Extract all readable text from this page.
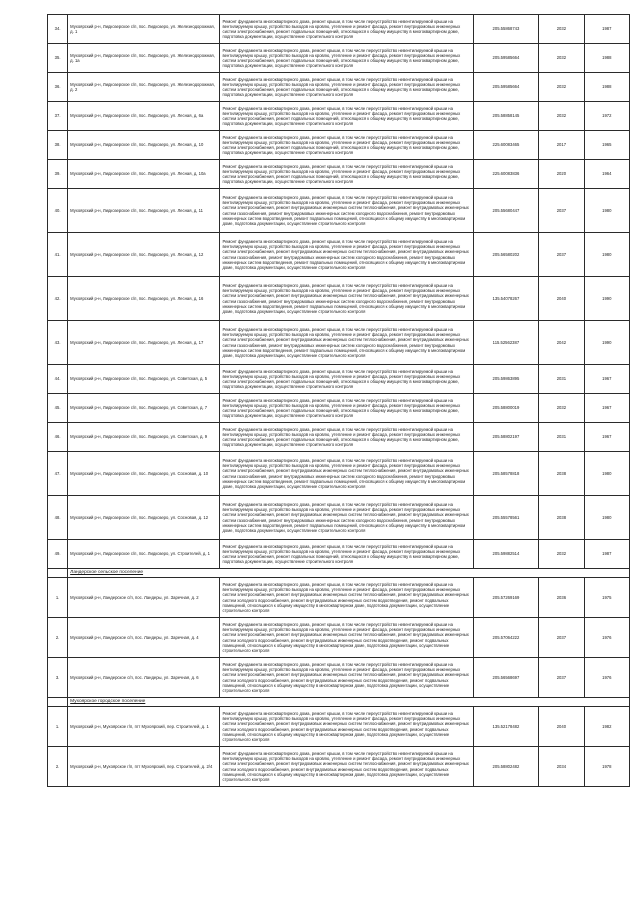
34.	Мухоярский р-н, Лидкозерское с/п, пос. Лидкозеро, ул. Железнодорожная, д. 1	Ремонт фундамента многоквартирного дома, ремонт крыши, в том числе переустройство невентилируемой крыши на вентилируемую крышу, устройство выходов на кровлю, утепление и ремонт фасада, ремонт внутридомовых инженерных систем электроснабжения, ремонт подвальных помещений, относящихся к общему имуществу в многоквартирном доме, подготовка документации, осуществление строительного контроля	205.55868743	2032	1987
35.	Мухоярский р-н, Лидкозерское с/п, пос. Лидкозеро, ул. Железнодорожная, д. 1а	Ремонт фундамента многоквартирного дома, ремонт крыши, в том числе переустройство невентилируемой крыши на вентилируемую крышу, устройство выходов на кровлю, утепление и ремонт фасада, ремонт внутридомовых инженерных систем электроснабжения, ремонт подвальных помещений, относящихся к общему имуществу в многоквартирном доме, подготовка документации, осуществление строительного контроля	205.59585664	2032	1988
36.	Мухоярский р-н, Лидкозерское с/п, пос. Лидкозеро, ул. Железнодорожная, д. 2	Ремонт фундамента многоквартирного дома, ремонт крыши, в том числе переустройство невентилируемой крыши на вентилируемую крышу, устройство выходов на кровлю, утепление и ремонт фасада, ремонт внутридомовых инженерных систем электроснабжения, ремонт подвальных помещений, относящихся к общему имуществу в многоквартирном доме, подготовка документации, осуществление строительного контроля	205.59585664	2032	1988
37.	Мухоярский р-н, Лидкозерское с/п, пос. Лидкозеро, ул. Лесная, д. 6а	Ремонт фундамента многоквартирного дома, ремонт крыши, в том числе переустройство невентилируемой крыши на вентилируемую крышу, устройство выходов на кровлю, утепление и ремонт фасада, ремонт внутридомовых инженерных систем электроснабжения, ремонт подвальных помещений, относящихся к общему имуществу в многоквартирном доме, подготовка документации, осуществление строительного контроля	205.58858145	2032	1972
38.	Мухоярский р-н, Лидкозерское с/п, пос. Лидкозеро, ул. Лесная, д. 10	Ремонт фундамента многоквартирного дома, ремонт крыши, в том числе переустройство невентилируемой крыши на вентилируемую крышу, устройство выходов на кровлю, утепление и ремонт фасада, ремонт внутридомовых инженерных систем электроснабжения, ремонт подвальных помещений, относящихся к общему имуществу в многоквартирном доме, подготовка документации, осуществление строительного контроля	225.60083465	2017	1965
39.	Мухоярский р-н, Лидкозерское с/п, пос. Лидкозеро, ул. Лесная, д. 10а	Ремонт фундамента многоквартирного дома, ремонт крыши, в том числе переустройство невентилируемой крыши на вентилируемую крышу, устройство выходов на кровлю, утепление и ремонт фасада, ремонт внутридомовых инженерных систем электроснабжения, ремонт подвальных помещений, относящихся к общему имуществу в многоквартирном доме, подготовка документации, осуществление строительного контроля	225.60083836	2020	1964
40.	Мухоярский р-н, Лидкозерское с/п, пос. Лидкозеро, ул. Лесная, д. 11	Ремонт фундамента многоквартирного дома, ремонт крыши, в том числе переустройство невентилируемой крыши на вентилируемую крышу, устройство выходов на кровлю, утепление и ремонт фасада, ремонт внутридомовых инженерных систем электроснабжения, ремонт внутридомовых инженерных систем теплоснабжения, ремонт внутридомовых инженерных систем газоснабжения, ремонт внутридомовых инженерных систем холодного водоснабжения, ремонт внутридомовых инженерных систем водоотведения, ремонт подвальных помещений, относящихся к общему имуществу в многоквартирном доме, подготовка документации, осуществление строительного контроля	205.55680447	2037	1980
41.	Мухоярский р-н, Лидкозерское с/п, пос. Лидкозеро, ул. Лесная, д. 12	Ремонт фундамента многоквартирного дома, ремонт крыши, в том числе переустройство невентилируемой крыши на вентилируемую крышу, устройство выходов на кровлю, утепление и ремонт фасада, ремонт внутридомовых инженерных систем электроснабжения, ремонт внутридомовых инженерных систем теплоснабжения, ремонт внутридомовых инженерных систем газоснабжения, ремонт внутридомовых инженерных систем холодного водоснабжения, ремонт внутридомовых инженерных систем водоотведения, ремонт подвальных помещений, относящихся к общему имуществу в многоквартирном доме, подготовка документации, осуществление строительного контроля	205.56580202	2037	1980
42.	Мухоярский р-н, Лидкозерское с/п, пос. Лидкозеро, ул. Лесная, д. 16	Ремонт фундамента многоквартирного дома, ремонт крыши, в том числе переустройство невентилируемой крыши на вентилируемую крышу, устройство выходов на кровлю, утепление и ремонт фасада, ремонт внутридомовых инженерных систем электроснабжения, ремонт внутридомовых инженерных систем теплоснабжения, ремонт внутридомовых инженерных систем газоснабжения, ремонт внутридомовых инженерных систем холодного водоснабжения, ремонт внутридомовых инженерных систем водоотведения, ремонт подвальных помещений, относящихся к общему имуществу в многоквартирном доме, подготовка документации, осуществление строительного контроля	135.54078267	2040	1990
43.	Мухоярский р-н, Лидкозерское с/п, пос. Лидкозеро, ул. Лесная, д. 17	Ремонт фундамента многоквартирного дома, ремонт крыши, в том числе переустройство невентилируемой крыши на вентилируемую крышу, устройство выходов на кровлю, утепление и ремонт фасада, ремонт внутридомовых инженерных систем электроснабжения, ремонт внутридомовых инженерных систем теплоснабжения, ремонт внутридомовых инженерных систем газоснабжения, ремонт внутридомовых инженерных систем холодного водоснабжения, ремонт внутридомовых инженерных систем водоотведения, ремонт подвальных помещений, относящихся к общему имуществу в многоквартирном доме, подготовка документации, осуществление строительного контроля	115.52562387	2042	1990
44.	Мухоярский р-н, Лидкозерское с/п, пос. Лидкозеро, ул. Советская, д. 5	Ремонт фундамента многоквартирного дома, ремонт крыши, в том числе переустройство невентилируемой крыши на вентилируемую крышу, устройство выходов на кровлю, утепление и ремонт фасада, ремонт внутридомовых инженерных систем электроснабжения, ремонт подвальных помещений, относящихся к общему имуществу в многоквартирном доме, подготовка документации, осуществление строительного контроля	205.59863895	2031	1967
45.	Мухоярский р-н, Лидкозерское с/п, пос. Лидкозеро, ул. Советская, д. 7	Ремонт фундамента многоквартирного дома, ремонт крыши, в том числе переустройство невентилируемой крыши на вентилируемую крышу, устройство выходов на кровлю, утепление и ремонт фасада, ремонт внутридомовых инженерных систем электроснабжения, ремонт подвальных помещений, относящихся к общему имуществу в многоквартирном доме, подготовка документации, осуществление строительного контроля	205.58800019	2032	1967
46.	Мухоярский р-н, Лидкозерское с/п, пос. Лидкозеро, ул. Советская, д. 9	Ремонт фундамента многоквартирного дома, ремонт крыши, в том числе переустройство невентилируемой крыши на вентилируемую крышу, устройство выходов на кровлю, утепление и ремонт фасада, ремонт внутридомовых инженерных систем электроснабжения, ремонт подвальных помещений, относящихся к общему имуществу в многоквартирном доме, подготовка документации, осуществление строительного контроля	205.58802197	2031	1967
47.	Мухоярский р-н, Лидкозерское с/п, пос. Лидкозеро, ул. Сосновая, д. 10	Ремонт фундамента многоквартирного дома, ремонт крыши, в том числе переустройство невентилируемой крыши на вентилируемую крышу, устройство выходов на кровлю, утепление и ремонт фасада, ремонт внутридомовых инженерных систем электроснабжения, ремонт внутридомовых инженерных систем теплоснабжения, ремонт внутридомовых инженерных систем газоснабжения, ремонт внутридомовых инженерных систем холодного водоснабжения, ремонт внутридомовых инженерных систем водоотведения, ремонт подвальных помещений, относящихся к общему имуществу в многоквартирном доме, подготовка документации, осуществление строительного контроля	205.58578818	2038	1980
48.	Мухоярский р-н, Лидкозерское с/п, пос. Лидкозеро, ул. Сосновая, д. 12	Ремонт фундамента многоквартирного дома, ремонт крыши, в том числе переустройство невентилируемой крыши на вентилируемую крышу, устройство выходов на кровлю, утепление и ремонт фасада, ремонт внутридомовых инженерных систем электроснабжения, ремонт внутридомовых инженерных систем теплоснабжения, ремонт внутридомовых инженерных систем газоснабжения, ремонт внутридомовых инженерных систем холодного водоснабжения, ремонт внутридомовых инженерных систем водоотведения, ремонт подвальных помещений, относящихся к общему имуществу в многоквартирном доме, подготовка документации, осуществление строительного контроля	205.55578561	2038	1980
49.	Мухоярский р-н, Лидкозерское с/п, пос. Лидкозеро, ул. Строителей, д. 1	Ремонт фундамента многоквартирного дома, ремонт крыши, в том числе переустройство невентилируемой крыши на вентилируемую крышу, устройство выходов на кровлю, утепление и ремонт фасада, ремонт внутридомовых инженерных систем электроснабжения, ремонт подвальных помещений, относящихся к общему имуществу в многоквартирном доме, подготовка документации, осуществление строительного контроля	205.59882514	2032	1987
	Ландерское сельское поселение				
1.	Мухоярский р-н, Ландерское с/п, пос. Ландеры, ул. Заречная, д. 2	Ремонт фундамента многоквартирного дома, ремонт крыши, в том числе переустройство невентилируемой крыши на вентилируемую крышу, устройство выходов на кровлю, утепление и ремонт фасада, ремонт внутридомовых инженерных систем электроснабжения, ремонт внутридомовых инженерных систем теплоснабжения, ремонт внутридомовых инженерных систем холодного водоснабжения, ремонт внутридомовых инженерных систем водоотведения, ремонт подвальных помещений, относящихся к общему имуществу в многоквартирном доме, подготовка документации, осуществление строительного контроля	205.57269169	2036	1975
2.	Мухоярский р-н, Ландерское с/п, пос. Ландеры, ул. Заречная, д. 4	Ремонт фундамента многоквартирного дома, ремонт крыши, в том числе переустройство невентилируемой крыши на вентилируемую крышу, устройство выходов на кровлю, утепление и ремонт фасада, ремонт внутридомовых инженерных систем электроснабжения, ремонт внутридомовых инженерных систем теплоснабжения, ремонт внутридомовых инженерных систем холодного водоснабжения, ремонт внутридомовых инженерных систем водоотведения, ремонт подвальных помещений, относящихся к общему имуществу в многоквартирном доме, подготовка документации, осуществление строительного контроля	205.57064222	2037	1976
3.	Мухоярский р-н, Ландерское с/п, пос. Ландеры, ул. Заречная, д. 6	Ремонт фундамента многоквартирного дома, ремонт крыши, в том числе переустройство невентилируемой крыши на вентилируемую крышу, устройство выходов на кровлю, утепление и ремонт фасада, ремонт внутридомовых инженерных систем электроснабжения, ремонт внутридомовых инженерных систем теплоснабжения, ремонт внутридомовых инженерных систем холодного водоснабжения, ремонт внутридомовых инженерных систем водоотведения, ремонт подвальных помещений, относящихся к общему имуществу в многоквартирном доме, подготовка документации, осуществление строительного контроля	205.56568697	2037	1976
	Мухоярское городское поселение				
1.	Мухоярский р-н, Мухоярское г/п, пгт Мухоярский, пер. Строителей, д. 1	Ремонт фундамента многоквартирного дома, ремонт крыши, в том числе переустройство невентилируемой крыши на вентилируемую крышу, устройство выходов на кровлю, утепление и ремонт фасада, ремонт внутридомовых инженерных систем электроснабжения, ремонт внутридомовых инженерных систем теплоснабжения, ремонт внутридомовых инженерных систем холодного водоснабжения, ремонт внутридомовых инженерных систем водоотведения, ремонт подвальных помещений, относящихся к общему имуществу в многоквартирном доме, подготовка документации, осуществление строительного контроля	135.52178482	2040	1982
2.	Мухоярский р-н, Мухоярское г/п, пгт Мухоярский, пер. Строителей, д. 2/4	Ремонт фундамента многоквартирного дома, ремонт крыши, в том числе переустройство невентилируемой крыши на вентилируемую крышу, устройство выходов на кровлю, утепление и ремонт фасада, ремонт внутридомовых инженерных систем электроснабжения, ремонт внутридомовых инженерных систем теплоснабжения, ремонт внутридомовых инженерных систем холодного водоснабжения, ремонт внутридомовых инженерных систем водоотведения, ремонт подвальных помещений, относящихся к общему имуществу в многоквартирном доме, подготовка документации, осуществление строительного контроля	205.58802482	2034	1978
